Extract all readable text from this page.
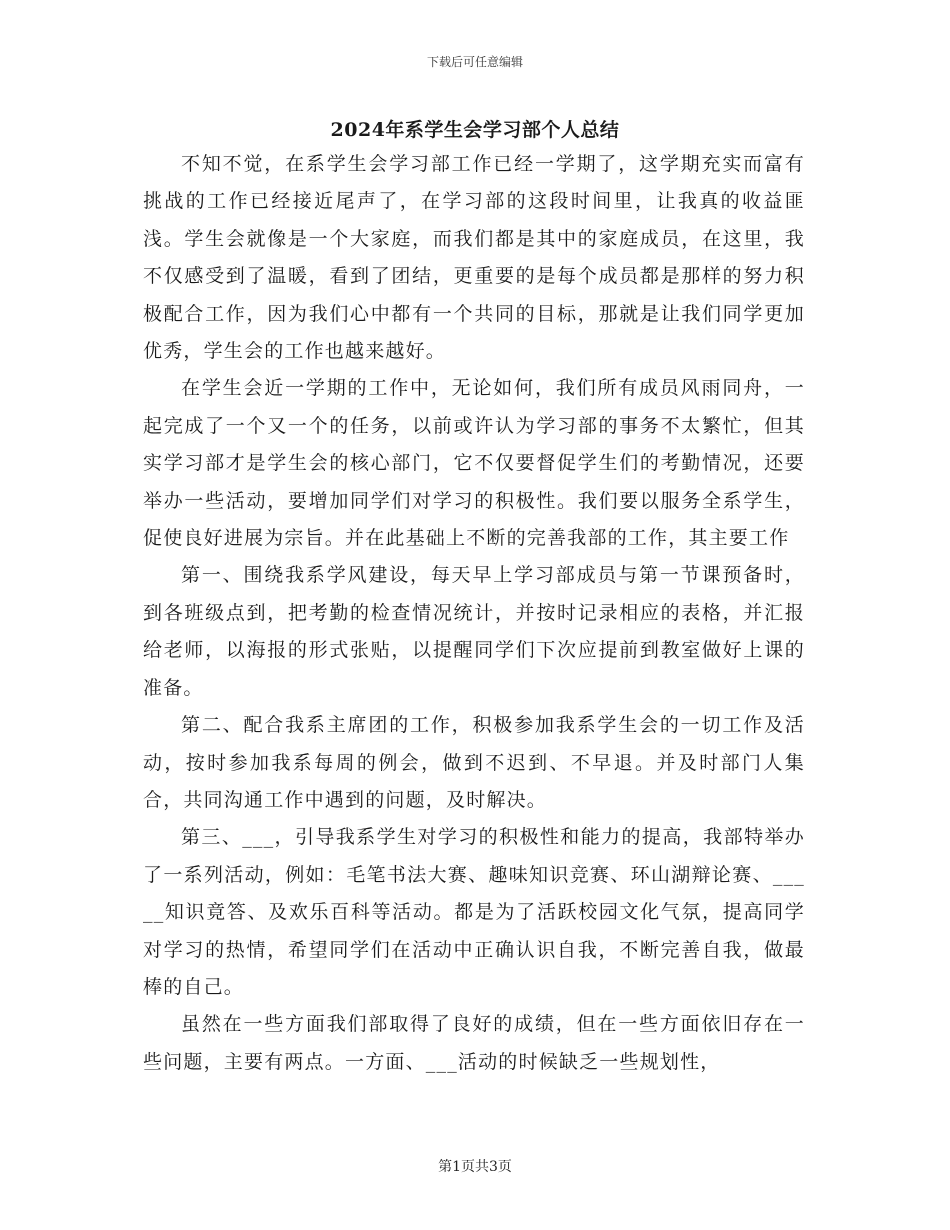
下载后可任意编辑
2024年系学生会学习部个人总结

不知不觉，在系学生会学习部工作已经一学期了，这学期充实而富有挑战的工作已经接近尾声了，在学习部的这段时间里，让我真的收益匪浅。学生会就像是一个大家庭，而我们都是其中的家庭成员，在这里，我不仅感受到了温暖，看到了团结，更重要的是每个成员都是那样的努力积极配合工作，因为我们心中都有一个共同的目标，那就是让我们同学更加优秀，学生会的工作也越来越好。

在学生会近一学期的工作中，无论如何，我们所有成员风雨同舟，一起完成了一个又一个的任务，以前或许认为学习部的事务不太繁忙，但其实学习部才是学生会的核心部门，它不仅要督促学生们的考勤情况，还要举办一些活动，要增加同学们对学习的积极性。我们要以服务全系学生，促使良好进展为宗旨。并在此基础上不断的完善我部的工作，其主要工作

第一、围绕我系学风建设，每天早上学习部成员与第一节课预备时，到各班级点到，把考勤的检查情况统计，并按时记录相应的表格，并汇报给老师，以海报的形式张贴，以提醒同学们下次应提前到教室做好上课的准备。

第二、配合我系主席团的工作，积极参加我系学生会的一切工作及活动，按时参加我系每周的例会，做到不迟到、不早退。并及时部门人集合，共同沟通工作中遇到的问题，及时解决。

第三、___，引导我系学生对学习的积极性和能力的提高，我部特举办了一系列活动，例如：毛笔书法大赛、趣味知识竞赛、环山湖辩论赛、_____知识竟答、及欢乐百科等活动。都是为了活跃校园文化气氛，提高同学对学习的热情，希望同学们在活动中正确认识自我，不断完善自我，做最棒的自己。

虽然在一些方面我们部取得了良好的成绩，但在一些方面依旧存在一些问题，主要有两点。一方面、___活动的时候缺乏一些规划性，

第1页共3页
